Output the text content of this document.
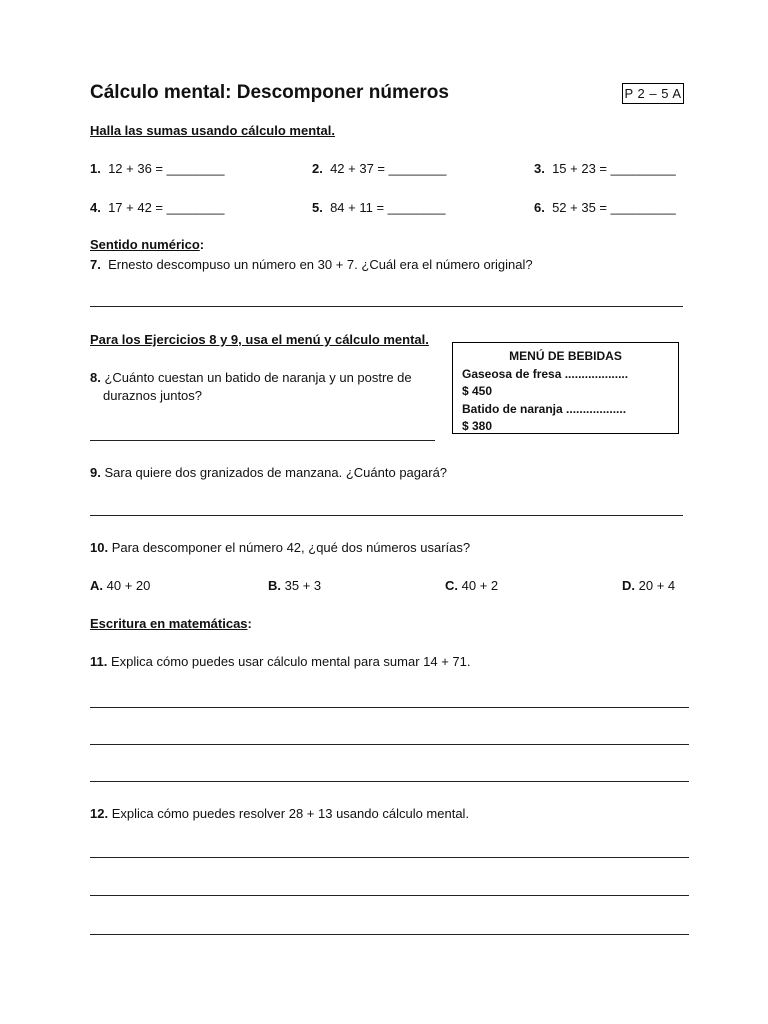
Cálculo mental: Descomponer números	P 2 – 5 A
Halla las sumas usando cálculo mental.
1. 12 + 36 = ________	2. 42 + 37 = ________	3. 15 + 23 = _________
4. 17 + 42 = ________	5. 84 + 11 = ________	6. 52 + 35 = _________
Sentido numérico:
7. Ernesto descompuso un número en 30 + 7. ¿Cuál era el número original?
Para los Ejercicios 8 y 9, usa el menú y cálculo mental.
8. ¿Cuánto cuestan un batido de naranja y un postre de
duraznos juntos?
MENÚ DE BEBIDAS
Gaseosa de fresa ...................
$ 450
Batido de naranja ..................
$ 380
9. Sara quiere dos granizados de manzana. ¿Cuánto pagará?
10. Para descomponer el número 42, ¿qué dos números usarías?
A. 40 + 20	B. 35 + 3	C. 40 + 2	D. 20 + 4
Escritura en matemáticas:
11. Explica cómo puedes usar cálculo mental para sumar 14 + 71.
12. Explica cómo puedes resolver 28 + 13 usando cálculo mental.
